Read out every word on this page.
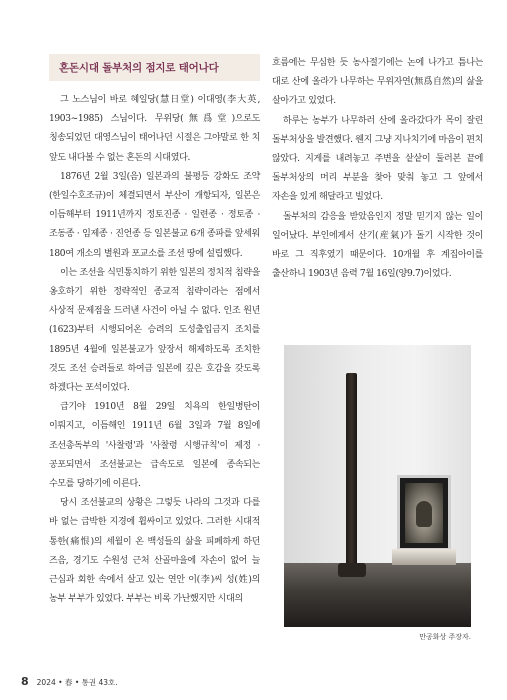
혼돈시대 돌부처의 점지로 태어나다

그 노스님이 바로 혜일당(慧日堂) 이대영(李大英, 1903~1985) 스님이다. 무위당(無爲堂)으로도 칭송되었던 대영스님이 태어나던 시절은 그야말로 한 치 앞도 내다볼 수 없는 혼돈의 시대였다.

1876년 2월 3일(음) 일본과의 불평등 강화도 조약(한일수호조규)이 체결되면서 부산이 개항되자, 일본은 이듬해부터 1911년까지 정토진종 · 일련종 · 정토종 · 조동종 · 임제종 · 진언종 등 일본불교 6개 종파를 앞세워 180여 개소의 별원과 포교소를 조선 땅에 설립했다.

이는 조선을 식민통치하기 위한 일본의 정치적 침략을 옹호하기 위한 정략적인 종교적 침략이라는 점에서 사상적 문제점을 드러낸 사건이 아닐 수 없다. 인조 원년(1623)부터 시행되어온 승려의 도성출입금지 조치를 1895년 4월에 일본불교가 앞장서 해제하도록 조치한 것도 조선 승려들로 하여금 일본에 깊은 호감을 갖도록 하겠다는 포석이었다.

급기야 1910년 8월 29일 치욕의 한일병탄이 이뤄지고, 이듬해인 1911년 6월 3일과 7월 8일에 조선총독부의 '사찰령'과 '사찰령 시행규칙'이 제정 · 공포되면서 조선불교는 급속도로 일본에 종속되는 수모를 당하기에 이른다.

당시 조선불교의 상황은 그렇듯 나라의 그것과 다를 바 없는 급박한 지경에 휩싸이고 있었다. 그러한 시대적 통한(痛恨)의 세월이 온 백성들의 삶을 피폐하게 하던 즈음, 경기도 수원성 근처 산골마을에 자손이 없어 늘 근심과 회한 속에서 살고 있는 연안 이(李)씨 성(姓)의 농부 부부가 있었다. 부부는 비록 가난했지만 시대의

흐름에는 무심한 듯 농사절기에는 논에 나가고 틈나는 대로 산에 올라가 나무하는 무위자연(無爲自然)의 삶을 살아가고 있었다.

하루는 농부가 나무하러 산에 올라갔다가 목이 잘린 돌부처상을 발견했다. 웬지 그냥 지나치기에 마음이 편치 않았다. 지게를 내려놓고 주변을 샅샅이 둘러본 끝에 돌부처상의 머리 부분을 찾아 맞춰 놓고 그 앞에서 자손을 있게 해달라고 빌었다.

돌부처의 감응을 받았음인지 정말 믿기지 않는 일이 일어났다. 부인에게서 산기(産氣)가 돌기 시작한 것이 바로 그 직후였기 때문이다. 10개월 후 계집아이를 출산하니 1903년 음력 7월 16일(양9.7)이었다.

만공화상 주장자.
8 2024 • 春 • 통권 43호.
